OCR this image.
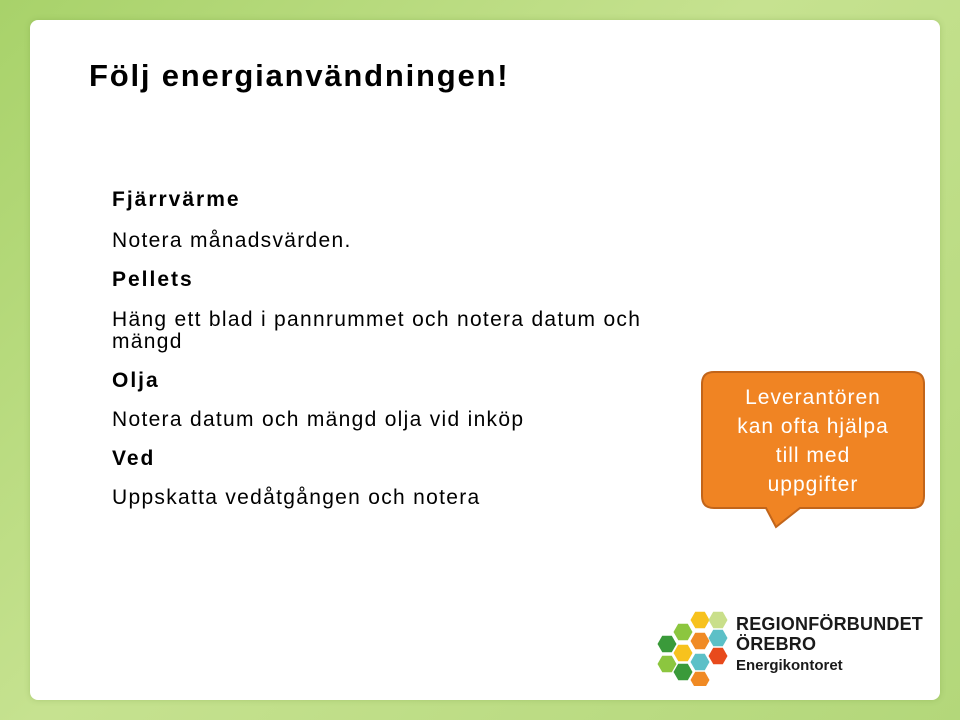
Följ energianvändningen!
Fjärrvärme
Notera månadsvärden.
Pellets
Häng ett blad i pannrummet och notera datum och
mängd
Olja
Notera datum och mängd olja vid inköp
Ved
Uppskatta vedåtgången och notera
Leverantören
kan ofta hjälpa
till med
uppgifter
REGIONFÖRBUNDET
ÖREBRO
Energikontoret
